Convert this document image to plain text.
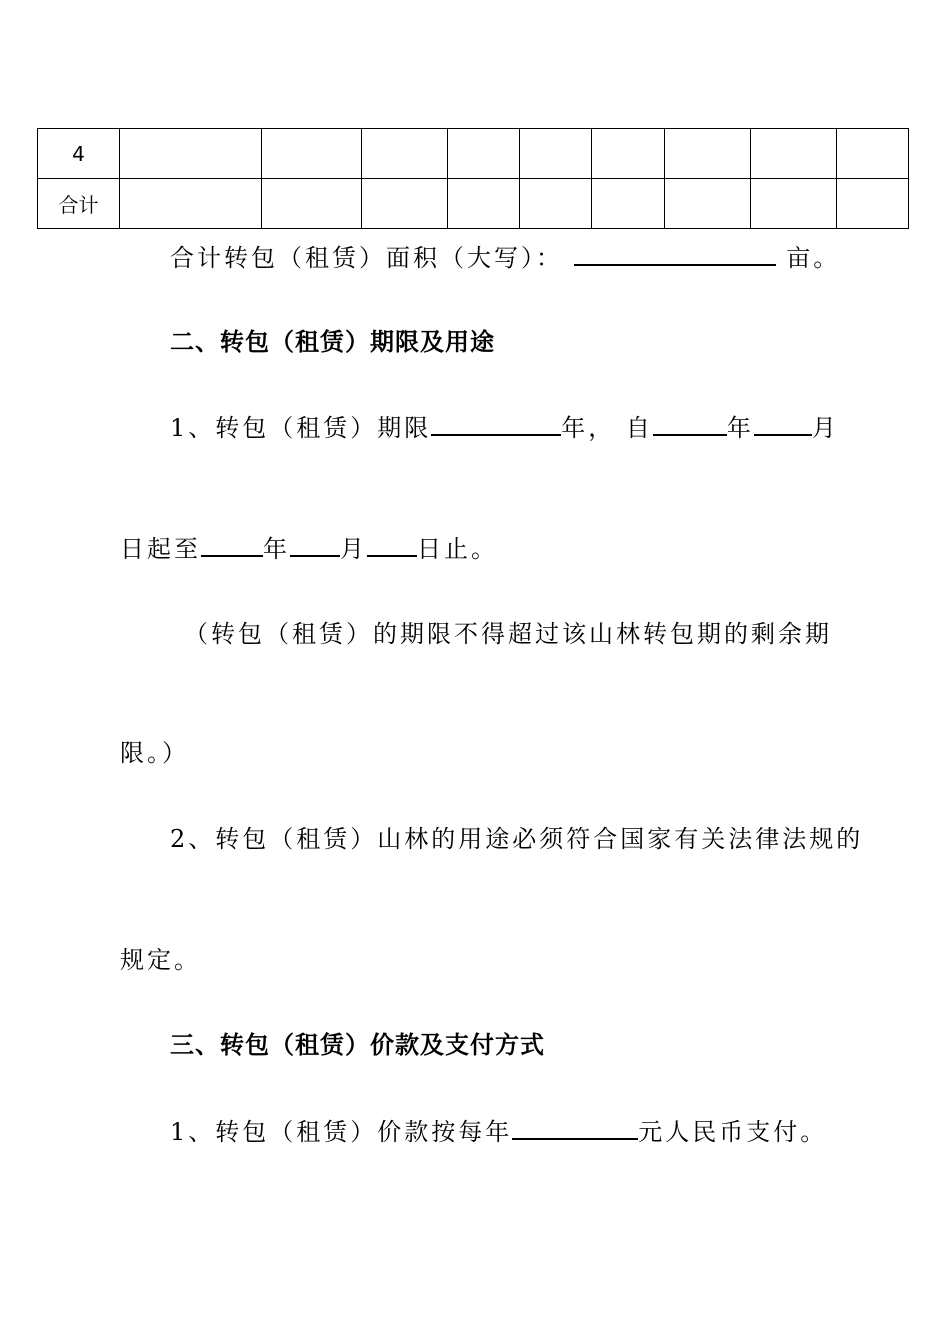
4									
合计									
合计转包（租赁）面积（大写）：	亩。
二、转包（租赁）期限及用途
1、转包（租赁）期限	年， 自	年 月
日起至	年 月 日止。
（转包（租赁）的期限不得超过该山林转包期的剩余期
限。）
2、转包（租赁）山林的用途必须符合国家有关法律法规的
规定。
三、转包（租赁）价款及支付方式
1、转包（租赁）价款按每年	元人民币支付。
